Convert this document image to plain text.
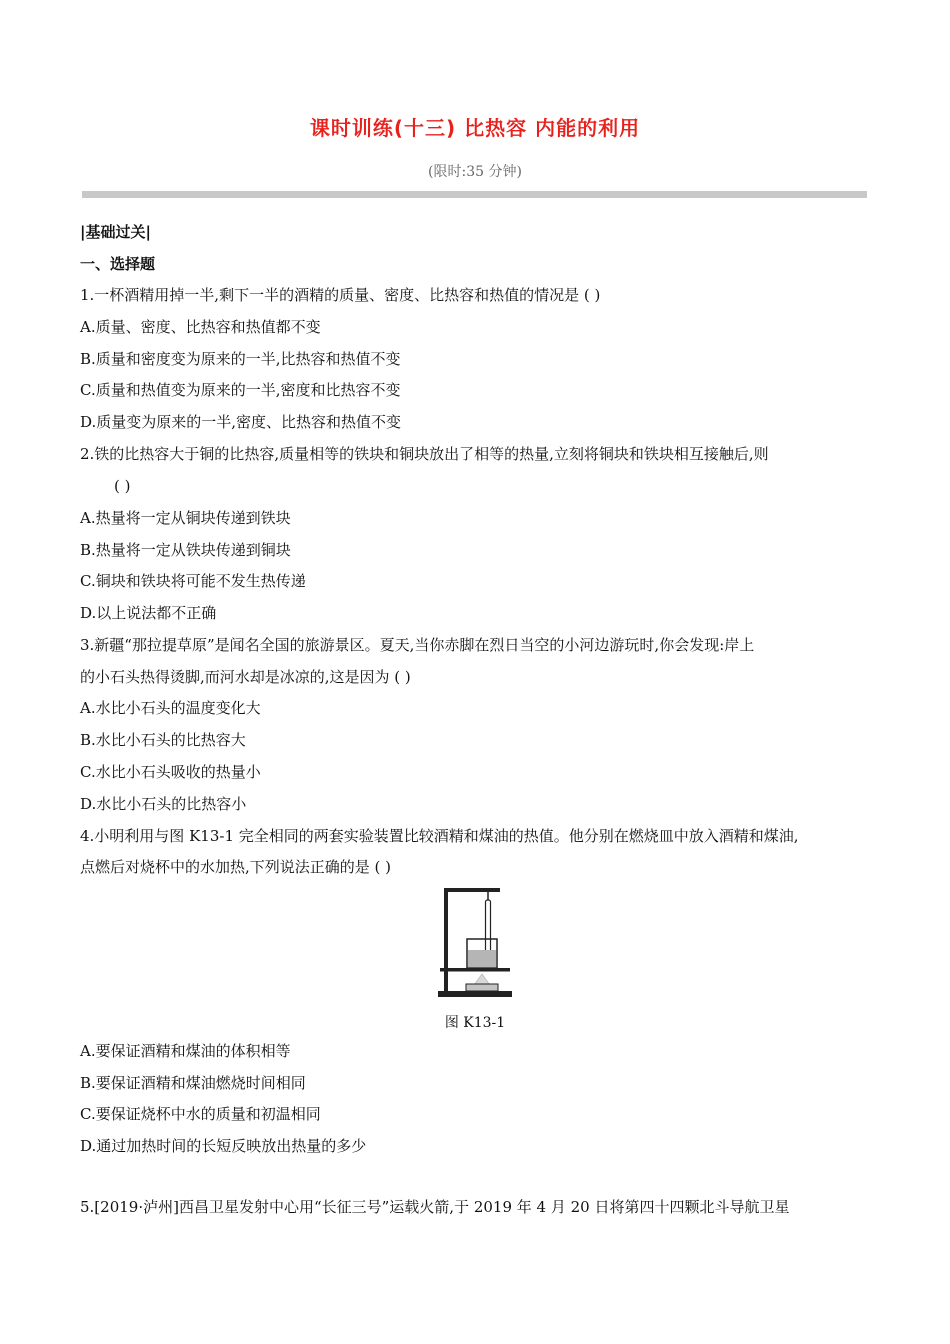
课时训练(十三) 比热容 内能的利用
(限时:35 分钟)
|基础过关|
一、选择题
1.一杯酒精用掉一半,剩下一半的酒精的质量、密度、比热容和热值的情况是 ( )
A.质量、密度、比热容和热值都不变
B.质量和密度变为原来的一半,比热容和热值不变
C.质量和热值变为原来的一半,密度和比热容不变
D.质量变为原来的一半,密度、比热容和热值不变
2.铁的比热容大于铜的比热容,质量相等的铁块和铜块放出了相等的热量,立刻将铜块和铁块相互接触后,则
( )
A.热量将一定从铜块传递到铁块
B.热量将一定从铁块传递到铜块
C.铜块和铁块将可能不发生热传递
D.以上说法都不正确
3.新疆“那拉提草原”是闻名全国的旅游景区。夏天,当你赤脚在烈日当空的小河边游玩时,你会发现:岸上
的小石头热得烫脚,而河水却是冰凉的,这是因为 ( )
A.水比小石头的温度变化大
B.水比小石头的比热容大
C.水比小石头吸收的热量小
D.水比小石头的比热容小
4.小明利用与图 K13-1 完全相同的两套实验装置比较酒精和煤油的热值。他分别在燃烧皿中放入酒精和煤油,
点燃后对烧杯中的水加热,下列说法正确的是 ( )
图 K13-1
A.要保证酒精和煤油的体积相等
B.要保证酒精和煤油燃烧时间相同
C.要保证烧杯中水的质量和初温相同
D.通过加热时间的长短反映放出热量的多少
5.[2019·泸州]西昌卫星发射中心用“长征三号”运载火箭,于 2019 年 4 月 20 日将第四十四颗北斗导航卫星
